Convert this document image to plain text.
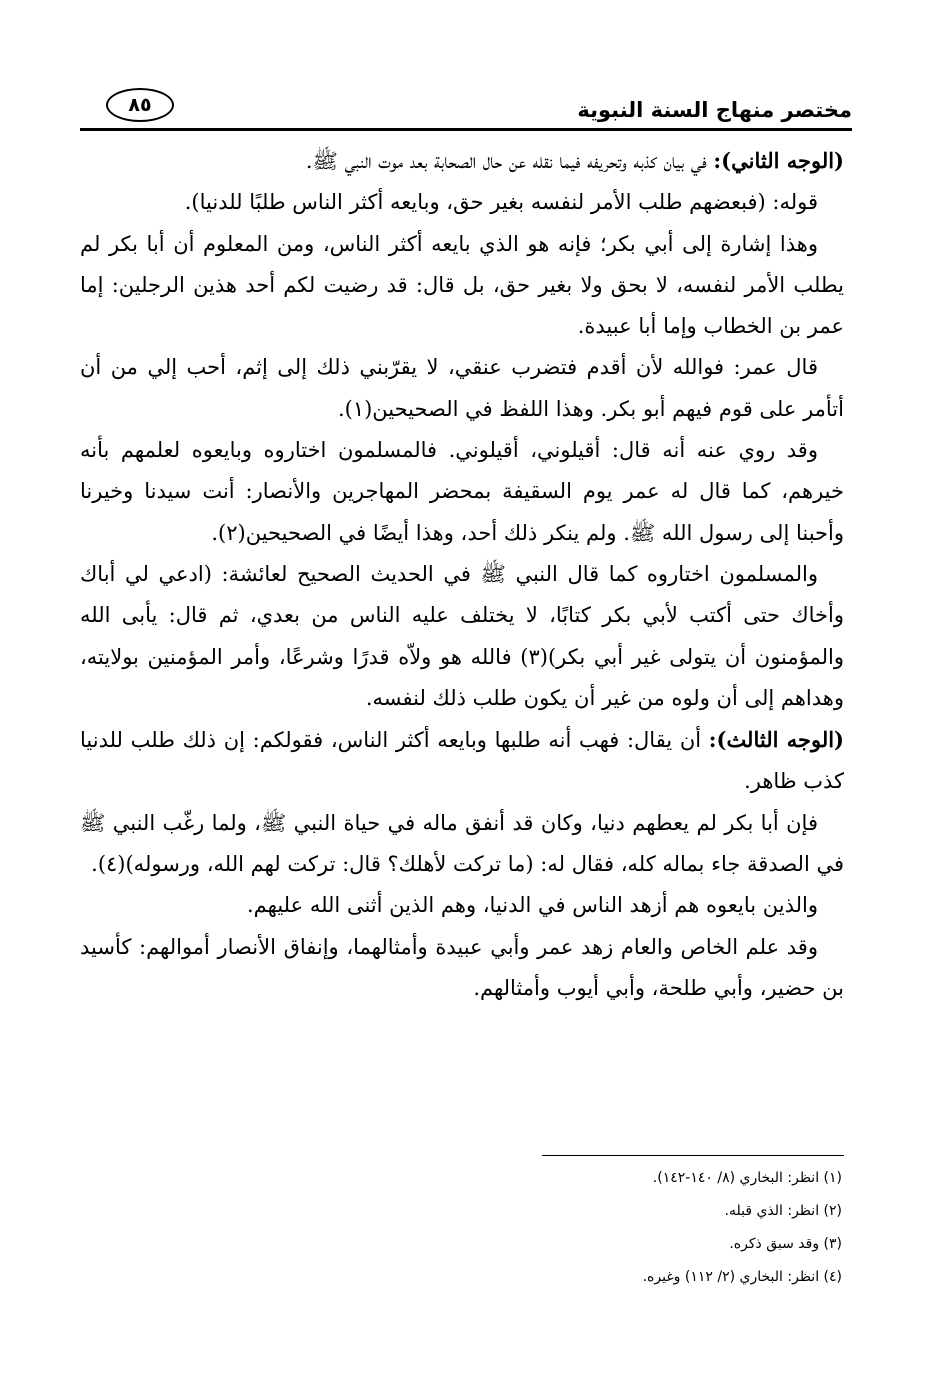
مختصر منهاج السنة النبوية
٨٥

(الوجه الثاني): في بيان كذبه وتحريفه فيما نقله عن حال الصحابة بعد موت النبي ﷺ.

قوله: (فبعضهم طلب الأمر لنفسه بغير حق، وبايعه أكثر الناس طلبًا للدنيا).

وهذا إشارة إلى أبي بكر؛ فإنه هو الذي بايعه أكثر الناس، ومن المعلوم أن أبا بكر لم يطلب الأمر لنفسه، لا بحق ولا بغير حق، بل قال: قد رضيت لكم أحد هذين الرجلين: إما عمر بن الخطاب وإما أبا عبيدة.

قال عمر: فوالله لأن أقدم فتضرب عنقي، لا يقرّبني ذلك إلى إثم، أحب إلي من أن أتأمر على قوم فيهم أبو بكر. وهذا اللفظ في الصحيحين(١).

وقد روي عنه أنه قال: أقيلوني، أقيلوني. فالمسلمون اختاروه وبايعوه لعلمهم بأنه خيرهم، كما قال له عمر يوم السقيفة بمحضر المهاجرين والأنصار: أنت سيدنا وخيرنا وأحبنا إلى رسول الله ﷺ. ولم ينكر ذلك أحد، وهذا أيضًا في الصحيحين(٢).

والمسلمون اختاروه كما قال النبي ﷺ في الحديث الصحيح لعائشة: (ادعي لي أباك وأخاك حتى أكتب لأبي بكر كتابًا، لا يختلف عليه الناس من بعدي، ثم قال: يأبى الله والمؤمنون أن يتولى غير أبي بكر)(٣) فالله هو ولاّه قدرًا وشرعًا، وأمر المؤمنين بولايته، وهداهم إلى أن ولوه من غير أن يكون طلب ذلك لنفسه.

(الوجه الثالث): أن يقال: فهب أنه طلبها وبايعه أكثر الناس، فقولكم: إن ذلك طلب للدنيا كذب ظاهر.

فإن أبا بكر لم يعطهم دنيا، وكان قد أنفق ماله في حياة النبي ﷺ، ولما رغّب النبي ﷺ في الصدقة جاء بماله كله، فقال له: (ما تركت لأهلك؟ قال: تركت لهم الله، ورسوله)(٤).

والذين بايعوه هم أزهد الناس في الدنيا، وهم الذين أثنى الله عليهم.

وقد علم الخاص والعام زهد عمر وأبي عبيدة وأمثالهما، وإنفاق الأنصار أموالهم: كأسيد بن حضير، وأبي طلحة، وأبي أيوب وأمثالهم.

(١) انظر: البخاري (٨/ ١٤٠-١٤٢).
(٢) انظر: الذي قبله.
(٣) وقد سبق ذكره.
(٤) انظر: البخاري (٢/ ١١٢) وغيره.
